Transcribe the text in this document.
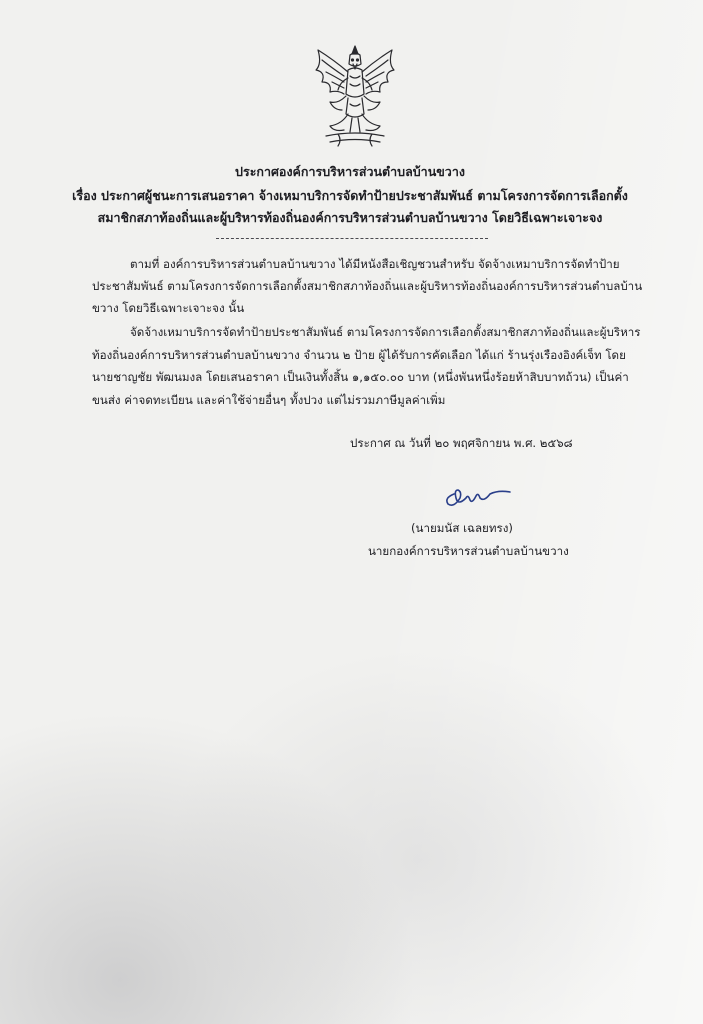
ประกาศองค์การบริหารส่วนตำบลบ้านขวาง
เรื่อง ประกาศผู้ชนะการเสนอราคา จ้างเหมาบริการจัดทำป้ายประชาสัมพันธ์ ตามโครงการจัดการเลือกตั้ง
สมาชิกสภาท้องถิ่นและผู้บริหารท้องถิ่นองค์การบริหารส่วนตำบลบ้านขวาง โดยวิธีเฉพาะเจาะจง
ตามที่ องค์การบริหารส่วนตำบลบ้านขวาง ได้มีหนังสือเชิญชวนสำหรับ จัดจ้างเหมาบริการจัดทำป้าย
ประชาสัมพันธ์ ตามโครงการจัดการเลือกตั้งสมาชิกสภาท้องถิ่นและผู้บริหารท้องถิ่นองค์การบริหารส่วนตำบลบ้าน
ขวาง โดยวิธีเฉพาะเจาะจง นั้น
จัดจ้างเหมาบริการจัดทำป้ายประชาสัมพันธ์ ตามโครงการจัดการเลือกตั้งสมาชิกสภาท้องถิ่นและผู้บริหาร
ท้องถิ่นองค์การบริหารส่วนตำบลบ้านขวาง จำนวน ๒ ป้าย ผู้ได้รับการคัดเลือก ได้แก่ ร้านรุ่งเรืองอิงค์เจ็ท โดย
นายชาญชัย พัฒนมงล โดยเสนอราคา เป็นเงินทั้งสิ้น ๑,๑๕๐.๐๐ บาท (หนึ่งพันหนึ่งร้อยห้าสิบบาทถ้วน) เป็นค่า
ขนส่ง ค่าจดทะเบียน และค่าใช้จ่ายอื่นๆ ทั้งปวง แต่ไม่รวมภาษีมูลค่าเพิ่ม
ประกาศ ณ วันที่ ๒๐ พฤศจิกายน พ.ศ. ๒๕๖๘
(นายมนัส เฉลยทรง)
นายกองค์การบริหารส่วนตำบลบ้านขวาง
